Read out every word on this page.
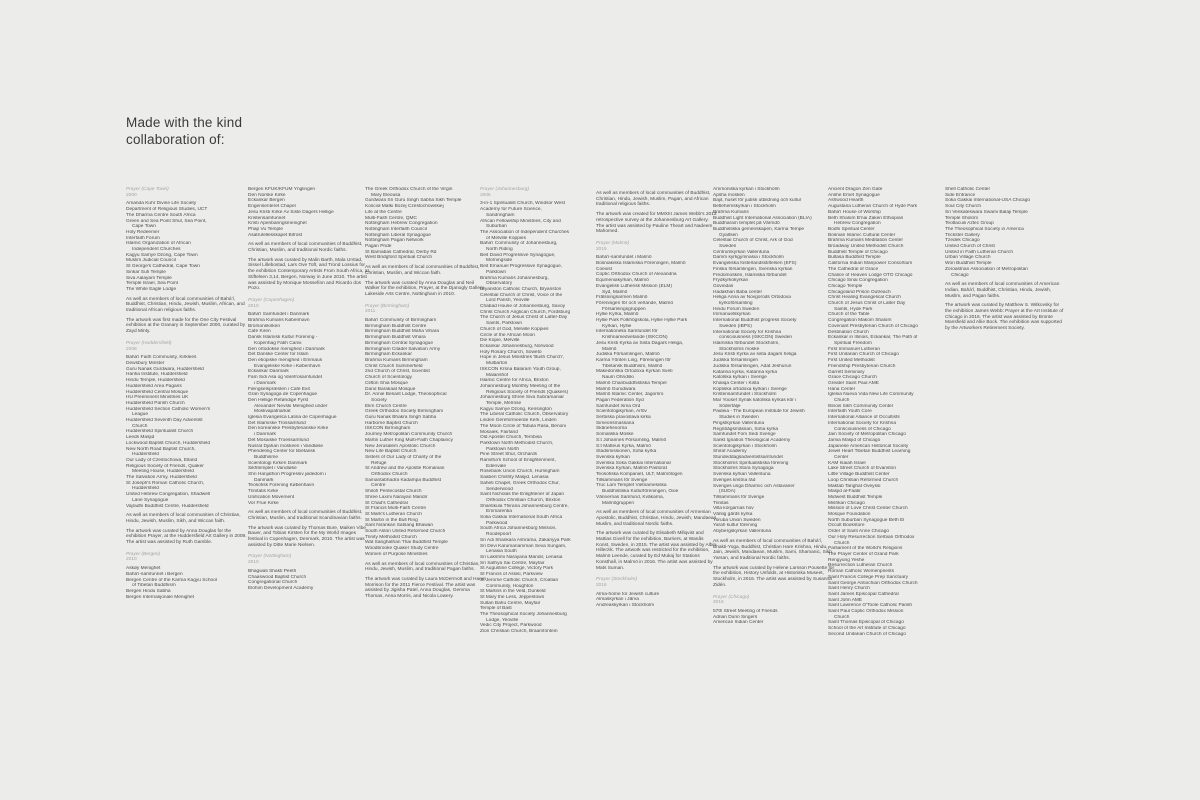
Made with the kind
collaboration of:
Prayer (Cape Town)
2000
Amanda Kuhr Divine Life Society
Department of Religious Studies, UCT
The Dharma Centre South Africa
Green and Sea Point Shul, Sea Point,
Cape Town
Holy Redeemer
Interfaith Forum
Islamic Organization of African
Independent Churches
Kagyu Samye Dzong, Cape Town
Muslim Judicial Council
St George's Cathedral, Cape Town
Sinkar Sufi Temple
Siva Aalayam Temple
Temple Israel, Sea Point
The White Eagle Lodge
As well as members of local communities of Bahá'í, Buddhist, Christian, Hindu, Jewish, Muslim, African, and traditional African religious faiths.
The artwork was first made for the One City Festival exhibition at the Granary in September 2000, curated by Zayd Minty.
Prayer (Huddersfield)
2008
Bahá'í Faith Community, Kirklees
Dewsbury Minster
Guru Nanak Gurdwara, Huddersfield
Hanfia Institute, Huddersfield
Hindu Temple, Huddersfield
Huddersfield Area Pagans
Huddersfield Central Mosque
HU Preeminent Ministries UK
Huddersfield Parish Church
Huddersfield Section Catholic Women's
League
Huddersfield Seventh Day Adventist
Church
Huddersfield Spiritualist Church
Leeds Masjid
Lockwood Baptist Church, Huddersfield
New North Road Baptist Church,
Huddersfield
Our Lady of Czestochowa, Elland
Religious Society of Friends, Quaker
Meeting House, Huddersfield
The Salvation Army, Huddersfield
St Joseph's Roman Catholic Church,
Huddersfield
United Hebrew Congregation, Shadwell
Lane Synagogue
Vajradhi Buddhist Centre, Huddersfield
As well as members of local communities of Christian, Hindu, Jewish, Muslim, Sikh, and Wiccan faith.
The artwork was curated by Anna Douglas for the exhibition Prayer, at the Huddersfield Art Gallery in 2008. The artist was assisted by Ruth Gamble.
Prayer (Bergen)
2010
Askøy Menighet
Bahá'í-samfunnet i Bergen
Bergen Centre of the Karma Kagyu School
of Tibetan Buddhism
Bergen Hindu Sabha
Bergen Internasjonale Menighet
Bergen KFUK/KFUM Ynglingen
Den Norske Kirke
Eckankar Bergen
Engensenteret Chapel
Jesu Kristi Kirke Av Siste Dagers Hellige
Kristensamfunnet
Kristi Åpenbaringsmenighet
Phap Vu Temple
Åsatrufellesskapet Bifrost
As well as members of local communities of Buddhist, Christian, Muslim, and traditional Nordic faiths.
The artwork was curated by Malin Barth, Mala Urstad, Sissel Lillebostad, Lars Ove Toft, and Trond Lossius for the exhibition Contemporary Artists From South Africa, at Stiftelsen 3,14, Bergen, Norway in June 2010. The artist was assisted by Monique Mossefinn and Ricardo dos Pozo.
Prayer (Copenhagen)
2010
Bahá'í Samfundet i Danmark
Brahma Kumaris København
Brorsonskirken
Café Kiren
Dansk Islamisk Kultur Forening -
Kopenhag Fatih Camii
Den ortodokse menighed i Danmark
Det Danske Center for Islam
Den etiopiske menighed i Emmaus
Evangeliske Kirke i København
Eckankar Danmark
Fam Sidi Asa og Varefrosamfundet
i Danmark
Fængselspræsten i Café Exit
Gran Synagoga de Copenhague
Den Hellige Reføndige Fyrst
Alexander Nevski Menighed under
Moskvapatriarkat
Iglesia Evangelica Latina de Copenhague
Det Islamiske Trossamfund
Den koreanske Presbyterianske Kirke
i Danmark
Det Mosaiske Troessamfund
Nusrat Djahan moskeen i Vandløse
Phendeling Center for tibetansk
Buddhisme
Scientologi Kirken Danmark
Sikhtemplet i Vandløse
Shri Hanjathon Progressiv jødedom i
Danmark
Teosofisk Forening København
Trinitatis Kirke
Unification Movement
Vor Frue Kirke
As well as members of local communities of Buddhist, Christian, Muslim, and traditional Scandinavian faiths.
The artwork was curated by Thomas Bure, Maiken Vibe Bauer, and Tobias Kirsten for the My World Images festival in Copenhagen, Denmark, 2010. The artist was assisted by Ditte Marie Nielsen.
Prayer (Nottingham)
2010
Bhagwati Shakti Peeth
Chaaswood Baptist Church
Congregational Church
Elohim Development Academy
The Greek Orthodox Church of the Virgin
Mary Eleousa
Gurdwara Sri Guru Singh Sabha Sikh Temple
Koscioł Matki Bozej Czestochowskiej
Life at the Centre
Multi-Faith Centre, QMC
Nottingham Hebrew Congregation
Nottingham Interfaith Council
Nottingham Liberal Synagogue
Nottingham Pagan Network
Pagan Pride
St Barnabas Cathedral, Derby Rd
West Bridgford Spiritual Church
As well as members of local communities of Buddhist, Christian, Muslim, and Wiccan faith.
The artwork was curated by Anna Douglas and Neil Walker for the exhibition, Prayer, at the Djanogly Gallery, Lakeside Arts Centre, Nottingham in 2010.
Prayer (Birmingham)
2011
Bahá'í Community of Birmingham
Birmingham Buddhist Centre
Birmingham Buddhist Maha Vihara
Birmingham Buddhist Vihara
Birmingham Central Synagogue
Birmingham Citadel Salvation Army
Birmingham Eckankar
Brahma Kumaris Birmingham
Christ Church Summerfield
2nd Church of Christ, Scientist
Church of Scientology
Clifton Shia Mosque
Darul Barakaat Mosque
Dr. Annie Besant Lodge, Theosophical
Society
Elim Church Centre
Greek Orthodox Society Birmingham
Guru Nanak Bhakra Singh Sabha
Harborne Baptist Church
ISKCON Birmingham
Journey Metropolitan Community Church
Martin Luther King Multi-Faith Chaplaincy
New Jerusalem Apostolic Church
New Life Baptist Church
Sisters of Our Lady of Charity of the
Refuge
St Andrew and the Apostle Romanian
Orthodox Church
Samantabhadra Kadampa Buddhist
Centre
Shiloh Pentecostal Church
Shree Laxmi Narayan Mandir
St Chad's Cathedral
St Francis Multi-Faith Centre
St Mark's Lutheran Church
St Martin in the Bull Ring
Sant Nirankari Satsang Bhawan
South Aston United Reformed Church
Trinity Methodist Church
Wat Sanghathan Thai Buddhist Temple
Woodbrooke Quaker Study Centre
Women of Purpose Ministries
As well as members of local communities of Christian, Hindu, Jewish, Muslim, and traditional Pagan faiths.
The artwork was curated by Laura McDermott and Harun Morrison for the 2011 Fierce Festival. The artist was assisted by Jigisha Patel, Anna Douglas, Gemma Thomas, Anna Morris, and Nicola Lowery.
Prayer (Johannesburg)
2005
3-in-1 Spiritualist Church, Windsor West
Academy for Future Science,
Sandringham
African Fellowship Ministries, City and
Suburban
The Association of Independent Churches
of Melville Koppies
Bahá'í Community of Johannesburg,
North Riding
Beit David Progressive Synagogue,
Morningside
Beit Emanuel Progressive Synagogue,
Parktown
Brahma Kumaris Johannesburg,
Observatory
Bryanston Catholic Church, Bryanston
Celestial Church of Christ, Voice of the
Lord Parish, Yeoville
Chabad House of Johannesburg, Savoy
Christ Church Anglican Church, Fordsburg
The Church of Jesus Christ of Latter-Day
Saints, Parktown
Church of God, Melville Koppies
Circle of the African Moon
Die Kopie, Melville
Eckankar Johannesburg, Norwood
Holy Rosary Church, Soweto
Hope in Jesus Ministries 'Bush Church',
Mulbarton
ISKCON Krsna Balaram Youth Group,
Malanshof
Islamic Centre for Africa, Brixton
Johannesburg Monthly Meeting of the
Religious Society of Friends (Quakers)
Johannesburg Shree Siva Subramaniar
Temple, Melrose
Kagyu Samye Dzong, Kensington
The Liberal Catholic Church, Observatory
Linden Gereformeerde Kerk, Linden
The Moon Circle of Tabula Rasa, Benoni
Mosaiek, Fairland
Old Apostel Church, Tembisa
Parktown North Methodist Church,
Parktown North
Pine Street Shul, Orchards
Ramitha's School of Enlightenment,
Edenvale
Rosebank Union Church, Hurlingham
Saaberi Chishty Masjid, Lenasia
Saheti Chapel, Greek Orthodox Chur,
Senderwood
Saint Nicholas the Enlightener of Japan
Orthodox Christian Church, Brixton
Shantikula Thirana Johannesburg Centre,
Emmarentia
Soka Gakkai International South Africa
Parkwood
South Africa Johannesburg Mission,
Roodepoort
Sri Adi Shankara Ashrama, Zakariyya Park
Sri Devi Karumariamman Seva Sungam,
Lenasia South
Sri Lakshmi Narayana Mandir, Lenasia
Sri Sathya Sai Centre, Mayfair
St Augustine College, Victory Park
St Francis of Assisi, Parkview
St Jerome Catholic Church, Croatian
Community, Houghton
St Martins in the Veld, Dunkeld
St Mary the Less, Jeppestown
Sultan Bahu Centre, Mayfair
Temple of Bast
The Theosophical Society Johannesburg
Lodge, Yeoville
Vedic City Project, Parkwood
Zion Christian Church, Braamfontein
As well as members of local communities of Buddhist, Christian, Hindu, Jewish, Muslim, Pagan, and African traditional religious faiths.
The artwork was created for MMXIII James Webb's 2012 retrospective survey at the Johannesburg Art Gallery. The artist was assisted by Pauline Theart and Nadeem Mahomed.
Prayer (Malmö)
2015
Bahá'í-samfundet i Malmö
Bosniakiska Islamiska Föreningen, Malmö
Coexist
Coptic Orthodox Church of Alexandria
Equmeniakyrkan, Malmö
Evangelisk Lutherisk Mission (ELM)
Syd, Malmö
Frälsningsarmen Malmö
Föreningen för och verlande, Malmö
Församlingsgruppen
Hyllie Kyrka, Malmö
Hyllie Park Folkhögskola, Hyllie Hyllie Park
Kyrkan, Hyllie
Internationella Samfundet för
Krishnamedvetande (ISKCON)
Jesu Kristi Kyrka av Sista Dagars Heliga,
Malmö
Judiska Församlingen, Malmö
Karma Yönten Ling, Föreningen för
Tibetansk Buddhism, Malmö
Makedonska Ortodoxa Kyrkan Sveti
Naum Ohridski
Malmö Chanbuddhistiska Tempel
Malmö Gurudwara
Malmö Islamic Center, Jagorsro
Pagan Federation Syd
Samfundet Isma Ord
Scientologikyrkan, Arlöv
Serbiska pravoslava kirka
Simeonsmassana
Skånehexorna
Somaliska Moske
S:t Johannes Församling, Malmö
S:t Matteus Kyrka, Malmö
Stadsmissionen, Sofia kyrka
Svenska kyrkan
Svenska Soka Gakkai International
Svenska Kyrkan, Malmö Pastorat
Teosofiska Kompaniet, ULT, Malmölogen
Tillsammans för Sverige
Truc Lam Templet Vietnamesiska
Buddhistiska Kulturföreningen, Öxie
Vännernas Samfund, Kväkarna,
Malmögruppen
As well as members of local communities of Armenian Apostolic, Buddhist, Christian, Hindu, Jewish, Mandaean, Muslim, and traditional Nordic faiths.
The artwork was curated by Elisabeth Millqvist and Mattias Givell for the exhibition, Barriers, at Wanås Konst, Sweden, in 2015. The artist was assisted by Albin Hillerzik. The artwork was restricted for the exhibition, Malmö Leende, curated by Ed Mukaj for Stations Konsthall, in Malmö in 2016. The artist was assisted by Mats Suman.
Prayer (Stockholm)
2016
Alma-home for Jewish culture
Almaskyrkan i Järva
Andreaskyrkan i Stockholm
Ammoniska kyrkan i Stockholm
Apsha moskén
Bajit, huset för judisk utbildning och kultur
Betlehemskyrkan i Stockholm
Brahma Kumaris
Buddhist Light International Association (BLIA)
Buddharam templet på Värmdö
Buddhistiska gemenskapen, Karma Tempe
Gyaltsen
Celestial Church of Christ, Ark of God
Sweden
Centrumkyrkan Vallentuna
Damm kyrkgymnasia i Stockholm
Evangeliska fosterlandsstiftelsen (EFS)
Finska församlingen, Svenska kyrkan
Fredomoskén, Islamiska förbundet
Frydkyrkokyrkan
Govindas
Hadakhan Baba center
Heliga Anna av Novgorods Ortodoxa
kyrkoförsamling
Hindu Forum Sweden
Immanuelskyrkan
International Buddhist progress Society
Sweden (IBPS)
International Society for Krishna
consciousness (ISKCON) Sweden
Islamiska förbundet Stockholm,
Stockholms moské
Jesu Kristi Kyrka av sista dagars heliga
Judiska församlingen
Judiska församlingen, Adat Jeshurun
Katarina kyrka, Katarina kyrka
Katolska kyrkan i Sverige
Khaliqa Center i Kista
Koptiska ortodoxa kyrkan i Sverige
Kristensamfundet i Stockholm
Mar Yousef Syriak katolska kyrkas kör i
Södertälje
Paideia - The European Institute for Jewish
Studies in Sweden
Pingstkyrkan Vallentuna
Regnbågsmässan, Sofia kyrka
Samfundet Fom Sedi Sverige
Sankt Ignatios Theological Academy
Scientologikyrkan i Stockholm
Shiraf Academy
Stundeddagsadventistsamfundet
Stockholms Spiritualistiska förening
Stockholms Stora Synagoga
Svenska kyrkan Vallentuna
Sveriges kristna råd
Sveriges unga Dharmic och Astavaner
(SUDA)
Tillsammans för Sverige
Trinitas
Villa korgarnas hov
Vänlig gärds kyrka
Yoruba Union Sweden
Yarah kultur förening
Åbybergskyrkan Vallentuna
As well as members of local communities of Bahá'í, Bhakti-Yoga, Buddhist, Christian Hare Krishna, Hindu, Jain, Jewish, Mandaean, Muslim, Sami, Shamanic, Sikh, Yarsan, and traditional Nordic faiths.
The artwork was curated by Helene Larsson Pousette for the exhibition, History Unfolds, at Historiska Museet, Stockholm, in 2016. The artist was assisted by Susanna Zidén.
Prayer (Chicago)
2016
57th Street Meeting of Friends
Adrian Dunn Singers
American Indian Center
Ancient Dragon Zen Gate
Anshe Emet Synagogue
Ashwood Hearth
Augustana Lutheran Church of Hyde Park
Bahá'í House of Worship
Beth Shalom B'nai Zaken Ethiopian
Hebrew Congregation
Bodhi Spiritual Center
Bosnian Islamic Cultural Center
Brahma Kumaris Meditation Center
Broadway United Methodist Church
Buddhist Temple of Chicago
Bultasa Buddhist Temple
California Indian Manpower Consortium
The Cathedral of Grace
Chalice of Heaven Lodge OTO Chicago
Chicago Sinai Congregation
Chicago Temple
Chicagoland Prison Outreach
Christ Healing Evangelical Church
Church of Jesus Christ of Latter Day
Saints, Hyde Park
Church of the Table
Congregation Makom Shalom
Covenant Presbyterian Church of Chicago
Destination Church
Eckankar in Illinois, Eckankar, The Path of
Spiritual Freedom
First Immanuel Lutheran
First Unitarian Church of Chicago
First United Methodist
Friendship Presbyterian Church
Garrett Seminary
Grace Chicago Church
Greater Saint Paul AME
Hana Center
Iglesia Nueva Vida New Life Community
Church
Illinois Sikh Community Center
Interfaith Youth Core
International Alliance of Occultists
International Society for Krishna
Consciousness of Chicago
Jain Society of Metropolitan Chicago
Jamia Masjid of Chicago
Japanese American Historical Society
Jewel Heart Tibetan Buddhist Learning
Center
KAM Isaiah Israel
Lake Street Church of Evanston
Little Village Buddhist Center
Loop Christian Reformed Church
Maktab Tarighat Oveyssi
Masjid al-Faatir
Midwest Buddhist Temple
Mishkan Chicago
Mission of Love Christ Center Church
Mosque Foundation
North Suburban Synagogue Beth El
Occult Bookstore
Order of Saint Anne Chicago
Our Holy Resurrection Serbian Orthodox
Church
Parliament of the World's Religions
The Prayer Center of Grand Park
Rengyung Yeshe
Resurrection Lutheran Church
Roman Catholic Womenpriests
Saint Francis College Prep Sanctuary
Saint George Antiochian Orthodox Church
Saint Henry Church
Saint James Episcopal Cathedral
Saint John AME
Saint Lawrence O'Toole Catholic Parish
Saint Paul Coptic Orthodox Mission
Church
Saint Thomas Episcopal of Chicago
School of the Art Institute of Chicago
Second Unitarian Church of Chicago
Shell Catholic Center
Side Entrance
Soka Gakkai International-USA Chicago
Soul City Church
Sri Venkateswara Swami Balaji Temple
Temple Sholom
Teotlacuili Aztec Group
The Theosophical Society in America
Trickster Gallery
Tzedek Chicago
United Church of Christ
United in Faith Lutheran Church
Urban Village Church
Won Buddhist Temple
Zoroastrian Association of Metropolitan
Chicago
As well as members of local communities of American Indian, Bahá'í, Buddhist, Christian, Hindu, Jewish, Muslim, and Pagan faiths.
The artwork was curated by Matthew S. Witkovsky for the exhibition James Webb: Prayer at the Art Institute of Chicago in 2016. The artist was assisted by Bronte Mansfield and Allie Bock. The exhibition was supported by the Artworkers Retirement Society.
